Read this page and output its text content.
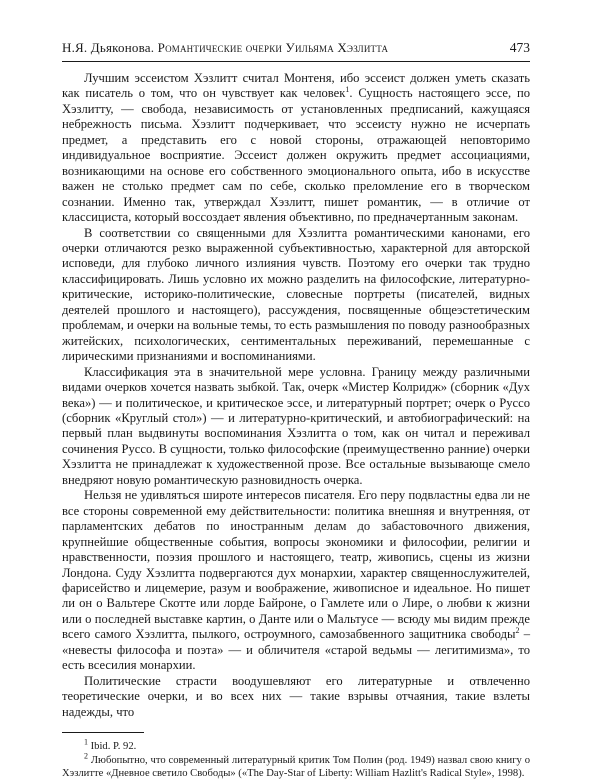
Н.Я. Дьяконова. Романтические очерки Уильяма Хэзлитта	473

Лучшим эссеистом Хэзлитт считал Монтеня, ибо эссеист должен уметь сказать как писатель о том, что он чувствует как человек$^1$. Сущность настоящего эссе, по Хэзлитту, — свобода, независимость от установленных предписаний, кажущаяся небрежность письма. Хэзлитт подчеркивает, что эссеисту нужно не исчерпать предмет, а представить его с новой стороны, отражающей неповторимо индивидуальное восприятие. Эссеист должен окружить предмет ассоциациями, возникающими на основе его собственного эмоционального опыта, ибо в искусстве важен не столько предмет сам по себе, сколько преломление его в творческом сознании. Именно так, утверждал Хэзлитт, пишет романтик, — в отличие от классициста, который воссоздает явления объективно, по предначертанным законам.

В соответствии со священными для Хэзлитта романтическими канонами, его очерки отличаются резко выраженной субъективностью, характерной для авторской исповеди, для глубоко личного излияния чувств. Поэтому его очерки так трудно классифицировать. Лишь условно их можно разделить на философские, литературно-критические, историко-политические, словесные портреты (писателей, видных деятелей прошлого и настоящего), рассуждения, посвященные общеэстетическим проблемам, и очерки на вольные темы, то есть размышления по поводу разнообразных житейских, психологических, сентиментальных переживаний, перемешанные с лирическими признаниями и воспоминаниями.

Классификация эта в значительной мере условна. Границу между различными видами очерков хочется назвать зыбкой. Так, очерк «Мистер Колридж» (сборник «Дух века») — и политическое, и критическое эссе, и литературный портрет; очерк о Руссо (сборник «Круглый стол») — и литературно-критический, и автобиографический: на первый план выдвинуты воспоминания Хэзлитта о том, как он читал и переживал сочинения Руссо. В сущности, только философские (преимущественно ранние) очерки Хэзлитта не принадлежат к художественной прозе. Все остальные вызывающе смело внедряют новую романтическую разновидность очерка.

Нельзя не удивляться широте интересов писателя. Его перу подвластны едва ли не все стороны современной ему действительности: политика внешняя и внутренняя, от парламентских дебатов по иностранным делам до забастовочного движения, крупнейшие общественные события, вопросы экономики и философии, религии и нравственности, поэзия прошлого и настоящего, театр, живопись, сцены из жизни Лондона. Суду Хэзлитта подвергаются дух монархии, характер священнослужителей, фарисейство и лицемерие, разум и воображение, живописное и идеальное. Но пишет ли он о Вальтере Скотте или лорде Байроне, о Гамлете или о Лире, о любви к жизни или о последней выставке картин, о Данте или о Мальтусе — всюду мы видим прежде всего самого Хэзлитта, пылкого, остроумного, самозабвенного защитника свободы$^2$ – «невесты философа и поэта» — и обличителя «старой ведьмы — легитимизма», то есть всесилия монархии.

Политические страсти воодушевляют его литературные и отвлеченно теоретические очерки, и во всех них — такие взрывы отчаяния, такие взлеты надежды, что

$^1$ Ibid. P. 92.

$^2$ Любопытно, что современный литературный критик Том Полин (род. 1949) назвал свою книгу о Хэзлитте «Дневное светило Свободы» («The Day-Star of Liberty: William Hazlitt's Radical Style», 1998).
